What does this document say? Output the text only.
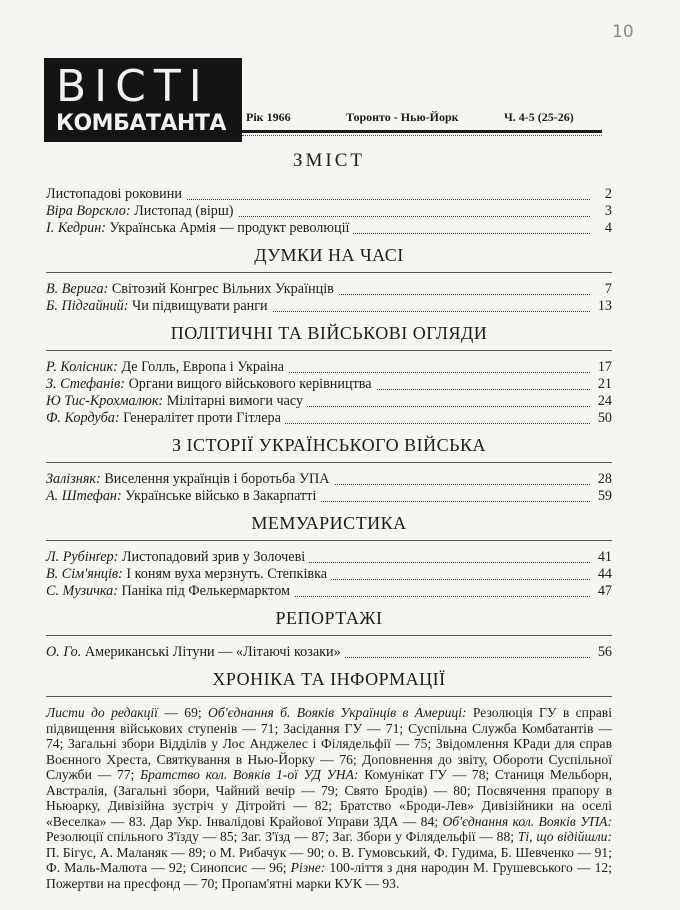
10
ВІСТІ
КОМБАТАНТА Рік 1966	Торонто - Нью-Йорк	Ч. 4-5 (25-26)
ЗМІСТ
Листопадові роковини	2
Віра Ворскло: Листопад (вірш)	3
І. Кедрин: Українська Армія — продукт революції	4
ДУМКИ НА ЧАСІ
В. Верига: Світозий Конгрес Вільних Українців	7
Б. Підгайний: Чи підвищувати ранги	13
ПОЛІТИЧНІ ТА ВІЙСЬКОВІ ОГЛЯДИ
Р. Колісник: Де Голль, Европа і Украіна	17
З. Стефанів: Органи вищого військового керівництва	21
Ю Тис-Крохмалюк: Мілітарні вимоги часу	24
Ф. Кордуба: Генералітет проти Гітлера	50
З ІСТОРІЇ УКРАЇНСЬКОГО ВІЙСЬКА
Залізняк: Виселення українців і боротьба УПА	28
А. Штефан: Українське військо в Закарпатті	59
МЕМУАРИСТИКА
Л. Рубінґер: Листопадовий зрив у Золочеві	41
В. Сім'янців: І коням вуха мерзнуть. Степківка	44
С. Музичка: Паніка під Фелькермарктом	47
РЕПОРТАЖІ
О. Го. Американські Літуни — «Літаючі козаки»	56
ХРОНІКА ТА ІНФОРМАЦІЇ
Листи до редакції — 69; Об'єднання б. Вояків Українців в Америці: Резолюція ГУ в справі підвищення військових ступенів — 71; Засідання ГУ — 71; Суспільна Служба Комбатантів — 74; Загальні збори Відділів у Лос Анджелес і Філядельфії — 75; Звідомлення КРади для справ Воєнного Хреста, Святкування в Нью-Йорку — 76; Доповнення до звіту, Обороти Суспільної Служби — 77; Братство кол. Вояків 1-ої УД УНА: Комунікат ГУ — 78; Станиця Мельборн, Австралія, (Загальні збори, Чайний вечір — 79; Свято Бродів) — 80; Посвячення прапору в Ньюарку, Дивізійна зустріч у Дітройті — 82; Братство «Броди-Лев» Дивізійники на оселі «Веселка» — 83. Дар Укр. Інвалідові Крайової Управи ЗДА — 84; Об'єднання кол. Вояків УПА: Резолюції спільного З'їзду — 85; Заг. З'їзд — 87; Заг. Збори у Філядельфії — 88; Ті, що відійшли: П. Бігус, А. Маланяк — 89; о М. Рибачук — 90; о. В. Гумовський, Ф. Гудима, Б. Шевченко — 91; Ф. Маль-Малюта — 92; Синопсис — 96; Різне: 100-ліття з дня народин М. Грушевського — 12; Пожертви на пресфонд — 70; Пропам'ятні марки КУК — 93.
